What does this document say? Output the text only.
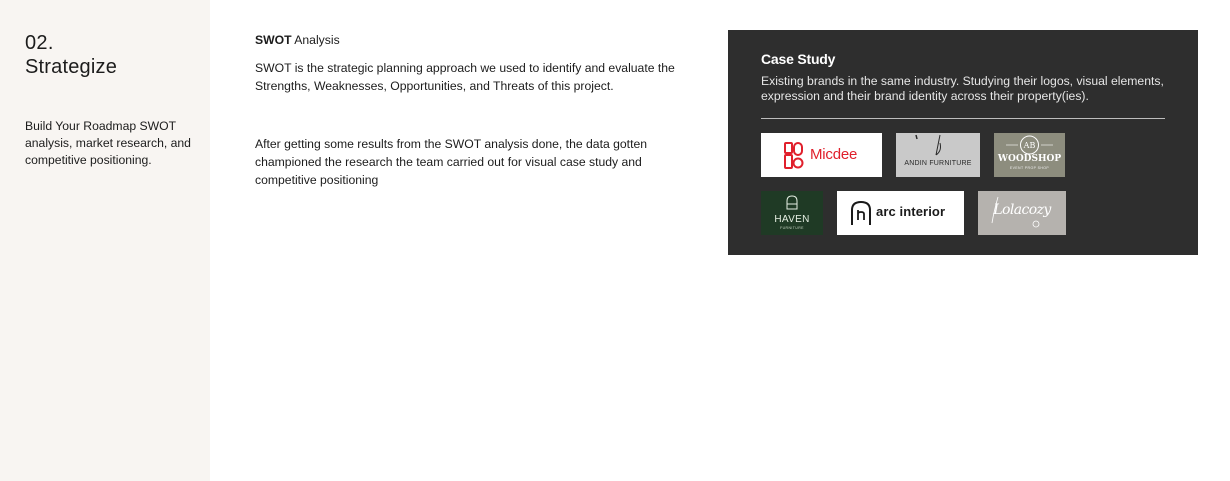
02.
Strategize
Build Your Roadmap SWOT analysis, market research, and competitive positioning.
SWOT Analysis
SWOT is the strategic planning approach we used to identify and evaluate the Strengths, Weaknesses, Opportunities, and Threats of this project.
After getting some results from the SWOT analysis done, the data gotten championed the research the team carried out for visual case study and competitive positioning
Case Study
Existing brands in the same industry. Studying their logos, visual elements, expression and their brand identity across their property(ies).
Micdee
ANDIN FURNITURE
AB
WOODSHOP
EVENT PROP SHOP
HAVEN
FURNITURE
arc interior	Lolacozy
